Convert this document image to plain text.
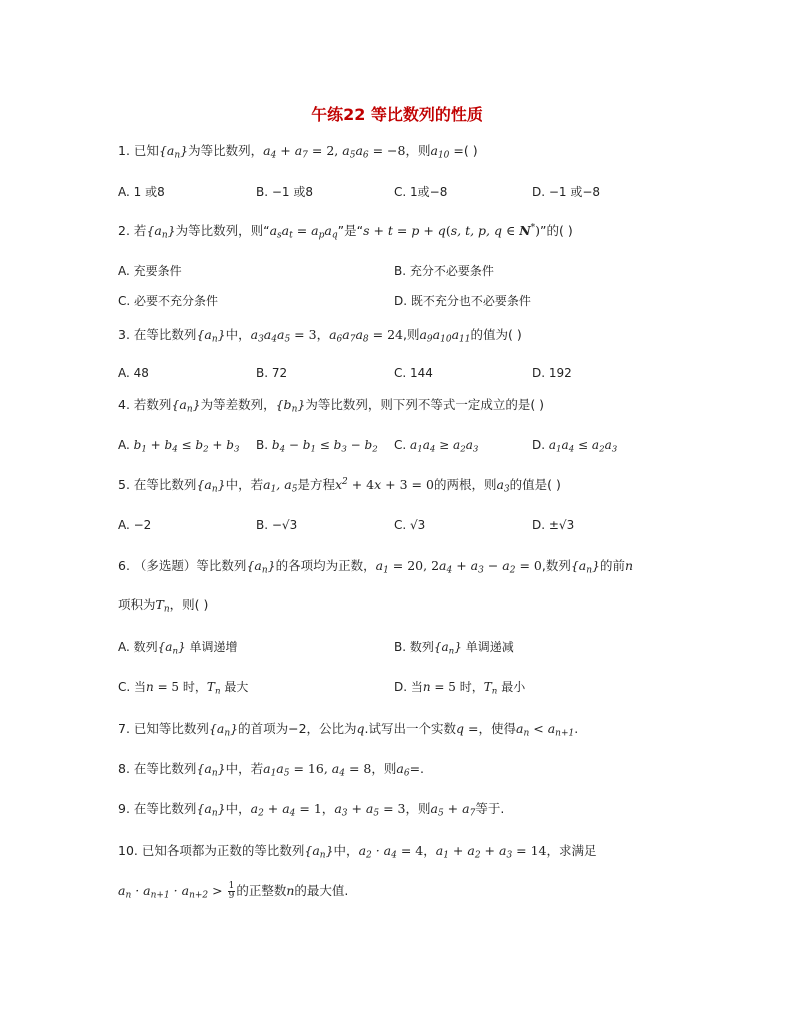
午练22 等比数列的性质
1. 已知$\{a_n\}$为等比数列，$a_4 + a_7 = 2$, $a_5a_6 = -8$，则$a_{10}$ =( )
A. 1 或8	B. −1 或8	C. 1或−8	D. −1 或−8
2. 若$\{a_n\}$为等比数列，则“$a_sa_t = a_pa_q$”是“s + t = p + q(s, t, p, q ∈ N*)”的( )
A. 充要条件	B. 充分不必要条件
C. 必要不充分条件	D. 既不充分也不必要条件
3. 在等比数列$\{a_n\}$中，$a_3a_4a_5 = 3$，$a_6a_7a_8 = 24$,则$a_9a_{10}a_{11}$的值为( )
A. 48	B. 72	C. 144	D. 192
4. 若数列$\{a_n\}$为等差数列，$\{b_n\}$为等比数列，则下列不等式一定成立的是( )
A. $b_1 + b_4 \le b_2 + b_3$ B. $b_4 - b_1 \le b_3 - b_2$ C. $a_1a_4 \ge a_2a_3$	D. $a_1a_4 \le a_2a_3$
5. 在等比数列$\{a_n\}$中，若$a_1$, $a_5$是方程$x^2 + 4x + 3 = 0$的两根，则$a_3$的值是( )
A. −2	B. −√3	C. √3	D. ±√3
6. （多选题）等比数列$\{a_n\}$的各项均为正数，$a_1 = 20$, $2a_4 + a_3 - a_2 = 0$,数列$\{a_n\}$的前n
项积为$T_n$，则( )
A. 数列$\{a_n\}$ 单调递增	B. 数列$\{a_n\}$ 单调递减
C. 当n = 5 时，$T_n$ 最大	D. 当n = 5 时，$T_n$ 最小
7. 已知等比数列$\{a_n\}$的首项为−2，公比为q.试写出一个实数q =，使得$a_n < a_{n+1}$.
8. 在等比数列$\{a_n\}$中，若$a_1a_5 = 16$, $a_4 = 8$，则$a_6=$.
9. 在等比数列$\{a_n\}$中，$a_2 + a_4 = 1$，$a_3 + a_5 = 3$，则$a_5 + a_7$等于.
10. 已知各项都为正数的等比数列$\{a_n\}$中，$a_2 \cdot a_4 = 4$，$a_1 + a_2 + a_3 = 14$，求满足
$a_n \cdot a_{n+1} \cdot a_{n+2} > \frac{1}{9}$ 的正整数n的最大值.
